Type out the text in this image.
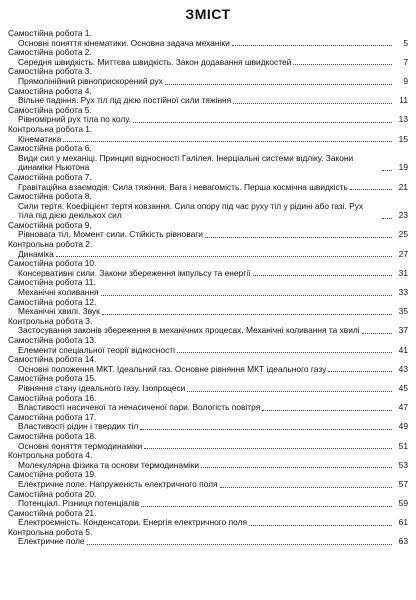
ЗМІСТ
Самостійна робота 1.
Основні поняття кінематики. Основна задача механіки	5
Самостійна робота 2.
Середня швидкість. Миттєва швидкість. Закон додавання швидкостей	7
Самостійна робота 3.
Прямолінійний рівноприскорений рух	9
Самостійна робота 4.
Вільне падіння. Рух тіл під дією постійної сили тяжіння	11
Самостійна робота 5.
Рівномірний рух тіла по колу.	13
Контрольна робота 1.
Кінематика	15
Самостійна робота 6.
Види сил у механіці. Принцип відносності Галілея. Інерціальні системи відліку. Закони динаміки Ньютона	19
Самостійна робота 7.
Гравітаційна взаємодія. Сила тяжіння. Вага і невагомість. Перша космічна швидкість	21
Самостійна робота 8.
Сили тертя. Коефіцієнт тертя ковзання. Сила опору під час руху тіл у рідині або газі. Рух тіла під дією декількох сил	23
Самостійна робота 9.
Рівновага тіл. Момент сили. Стійкість рівноваги	25
Контрольна робота 2.
Динаміка	27
Самостійна робота 10.
Консервативні сили. Закони збереження імпульсу та енергії	31
Самостійна робота 11.
Механічні коливання	33
Самостійна робота 12.
Механічні хвилі. Звук	35
Контрольна робота 3.
Застосування законів збереження в механічних процесах. Механічні коливання та хвилі	37
Самостійна робота 13.
Елементи спеціальної теорії відносності	41
Самостійна робота 14.
Основні положення МКТ. Ідеальний газ. Основне рівняння МКТ ідеального газу	43
Самостійна робота 15.
Рівняння стану ідеального газу. Ізопроцеси	45
Самостійна робота 16.
Властивості насиченої та ненасиченої пари. Вологість повітря	47
Самостійна робота 17.
Властивості рідин і твердих тіл	49
Самостійна робота 18.
Основні поняття термодинаміки	51
Контрольна робота 4.
Молекулярна фізика та основи термодинаміки	53
Самостійна робота 19.
Електричне поле. Напруженість електричного поля	57
Самостійна робота 20.
Потенціал. Різниця потенціалів	59
Самостійна робота 21.
Електроємність. Конденсатори. Енергія електричного поля	61
Контрольна робота 5.
Електричне поле	63
